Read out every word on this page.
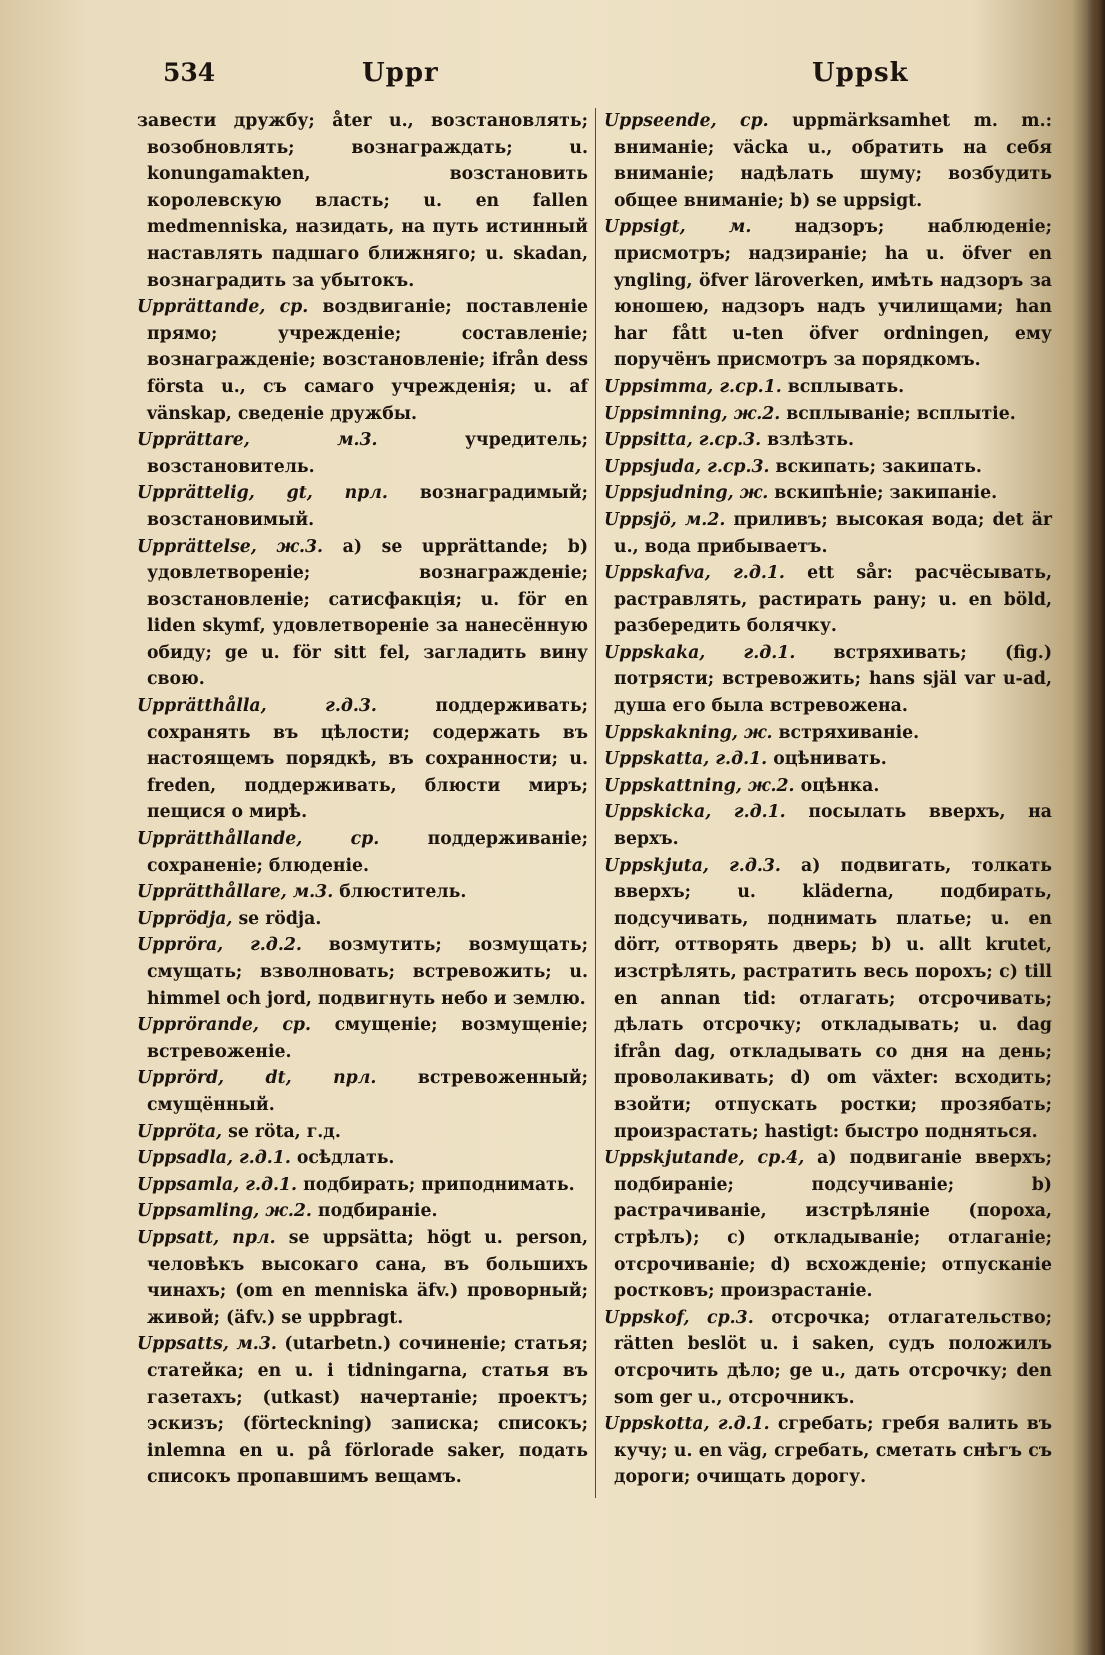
534	Uppr	Uppsk

завести дружбу; åter u., возстановлять; возобновлять; вознаграждать; u. konungamakten, возстановить королевскую власть; u. en fallen medmenniska, назидать, на путь истинный наставлять падшаго ближняго; u. skadan, вознаградить за убытокъ.

Upprättande, ср. воздвиганіе; поставленіе прямо; учрежденіе; составленіе; вознагражденіе; возстановленіе; ifrån dess första u., съ самаго учрежденія; u. af vänskap, сведеніе дружбы.

Upprättare, м.3.	учредитель; возстановитель.

Upprättelig, gt, прл. вознаградимый; возстановимый.

Upprättelse, ж.3. a) se upprättande; b) удовлетвореніе; вознагражденіе; возстановленіе; сатисфакція; u. för en liden skymf, удовлетвореніе за нанесённую обиду; ge u. för sitt fel, загладить вину свою.

Upprätthålla, г.д.3.	поддерживать; сохранять въ цѣлости; содержать въ настоящемъ порядкѣ, въ сохранности; u. freden, поддерживать, блюсти миръ; пещися о мирѣ.

Upprätthållande, ср.	поддерживаніе; сохраненіе; блюденіе.

Upprätthållare, м.3. блюститель.

Upprödja, se rödja.

Uppröra, г.д.2. возмутить; возмущать; смущать; взволновать; встревожить; u. himmel och jord, подвигнуть небо и землю.

Upprörande, ср. смущеніе; возмущеніе; встревоженіе.

Upprörd, dt, прл. встревоженный; смущённый.

Uppröta, se röta, г.д.

Uppsadla, г.д.1. осѣдлать.

Uppsamla, г.д.1. подбирать; приподнимать.

Uppsamling, ж.2. подбираніе.

Uppsatt, прл. se uppsätta; högt u. person, человѣкъ высокаго сана, въ большихъ чинахъ; (om en menniska äfv.) проворный; живой; (äfv.) se uppbragt.

Uppsatts, м.3. (utarbetn.) сочиненіе; статья; статейка; en u. i tidningarna, статья въ газетахъ; (utkast) начертаніе; проектъ; эскизъ; (förteckning) записка; списокъ; inlemna en u. på förlorade saker, подать списокъ пропавшимъ вещамъ.

Uppseende, ср. uppmärksamhet m. m.: вниманіе; väcka u., обратить на себя вниманіе; надѣлать шуму; возбудить общее вниманіе; b) se uppsigt.

Uppsigt, м.	надзоръ; наблюденіе; присмотръ; надзираніе; ha u. öfver en yngling, öfver läroverken, имѣть надзоръ за юношею, надзоръ надъ училищами; han har fått u-ten öfver ordningen, ему поручёнъ присмотръ за порядкомъ.

Uppsimma, г.ср.1. всплывать.

Uppsimning, ж.2. всплываніе; всплытіе.

Uppsitta, г.ср.3. взлѣзть.

Uppsjuda, г.ср.3. вскипать; закипать.

Uppsjudning, ж. вскипѣніе; закипаніе.

Uppsjö, м.2. приливъ; высокая вода; det är u., вода прибываетъ.

Uppskafva, г.д.1. ett sår: расчёсывать, растравлять, растирать рану; u. en böld, разбередить болячку.

Uppskaka, г.д.1. встряхивать; (fig.) потрясти; встревожить; hans själ var u-ad, душа его была встревожена.

Uppskakning, ж. встряхиваніе.

Uppskatta, г.д.1. оцѣнивать.

Uppskattning, ж.2. оцѣнка.

Uppskicka, г.д.1. посылать вверхъ, на верхъ.

Uppskjuta, г.д.3. a) подвигать, толкать вверхъ; u. kläderna, подбирать, подсучивать, поднимать платье; u. en dörr, оттворять дверь; b) u. allt krutet, изстрѣлять, растратить весь порохъ; c) till en annan tid: отлагать; отсрочивать; дѣлать отсрочку; откладывать; u. dag ifrån dag, откладывать со дня на день; проволакивать; d) om växter: всходить; взойти; отпускать ростки; прозябать; произрастать; hastigt: быстро подняться.

Uppskjutande, ср.4, a) подвиганіе вверхъ; подбираніе; подсучиваніе; b) растрачиваніе, изстрѣляніе (пороха, стрѣлъ); c) откладываніе; отлаганіе; отсрочиваніе; d) всхожденіе; отпусканіе ростковъ; произрастаніе.

Uppskof, ср.3. отсрочка; отлагательство; rätten beslöt u. i saken, судъ положилъ отсрочить дѣло; ge u., дать отсрочку; den som ger u., отсрочникъ.

Uppskotta, г.д.1. сгребать; гребя валить въ кучу; u. en väg, сгребать, сметать снѣгъ съ дороги; очищать дорогу.
